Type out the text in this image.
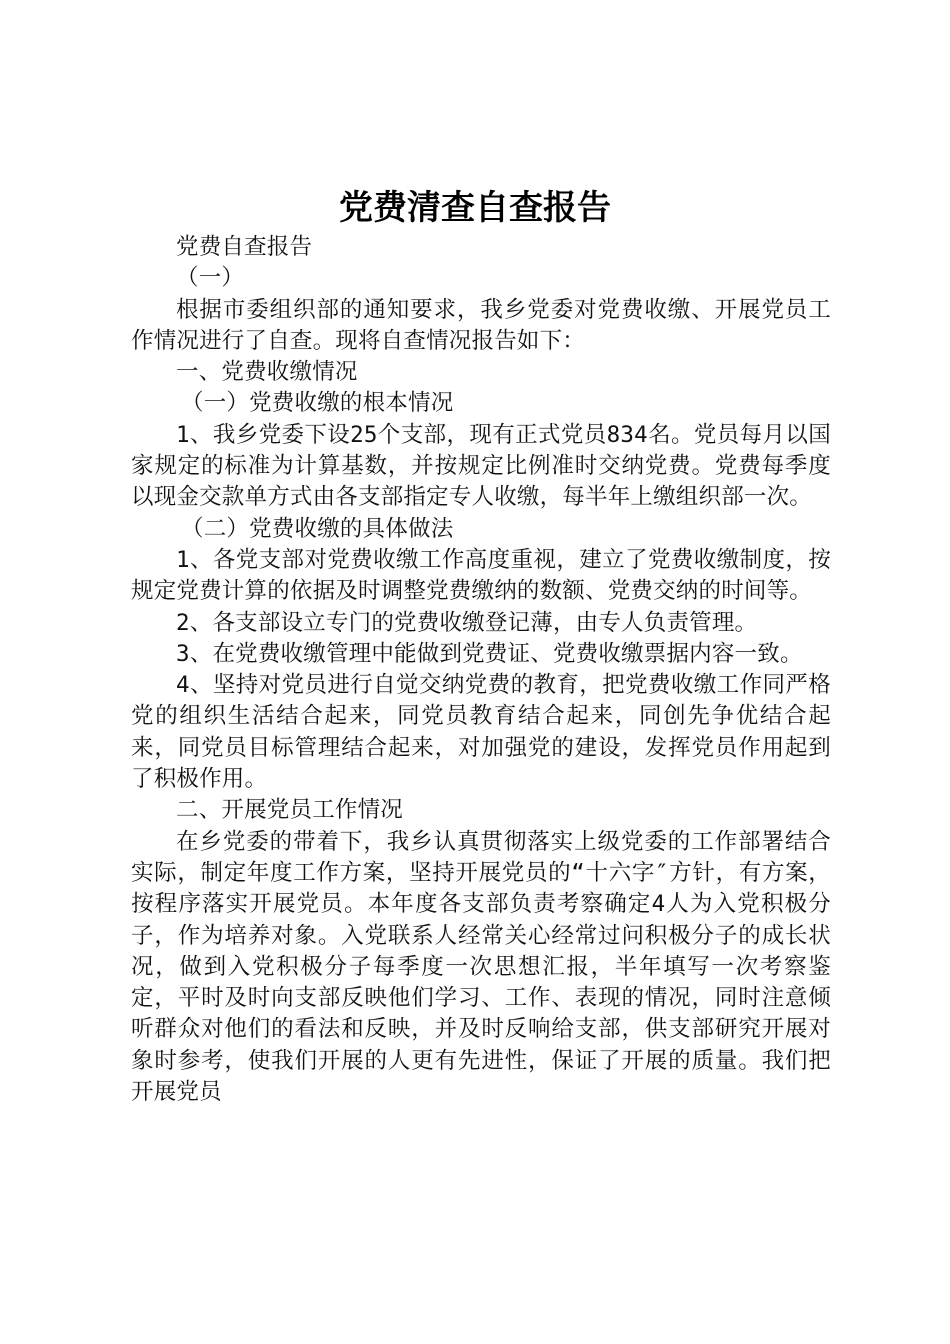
党费清查自查报告

党费自查报告

（一）

根据市委组织部的通知要求，我乡党委对党费收缴、开展党员工作情况进行了自查。现将自查情况报告如下：

一、党费收缴情况

（一）党费收缴的根本情况

1、我乡党委下设25个支部，现有正式党员834名。党员每月以国家规定的标准为计算基数，并按规定比例准时交纳党费。党费每季度以现金交款单方式由各支部指定专人收缴，每半年上缴组织部一次。

（二）党费收缴的具体做法

1、各党支部对党费收缴工作高度重视，建立了党费收缴制度，按规定党费计算的依据及时调整党费缴纳的数额、党费交纳的时间等。

2、各支部设立专门的党费收缴登记薄，由专人负责管理。

3、在党费收缴管理中能做到党费证、党费收缴票据内容一致。

4、坚持对党员进行自觉交纳党费的教育，把党费收缴工作同严格党的组织生活结合起来，同党员教育结合起来，同创先争优结合起来，同党员目标管理结合起来，对加强党的建设，发挥党员作用起到了积极作用。

二、开展党员工作情况

在乡党委的带着下，我乡认真贯彻落实上级党委的工作部署结合实际，制定年度工作方案，坚持开展党员的“十六字″方针，有方案，按程序落实开展党员。本年度各支部负责考察确定4人为入党积极分子，作为培养对象。入党联系人经常关心经常过问积极分子的成长状况，做到入党积极分子每季度一次思想汇报，半年填写一次考察鉴定，平时及时向支部反映他们学习、工作、表现的情况，同时注意倾听群众对他们的看法和反映，并及时反响给支部，供支部研究开展对象时参考，使我们开展的人更有先进性，保证了开展的质量。我们把开展党员
